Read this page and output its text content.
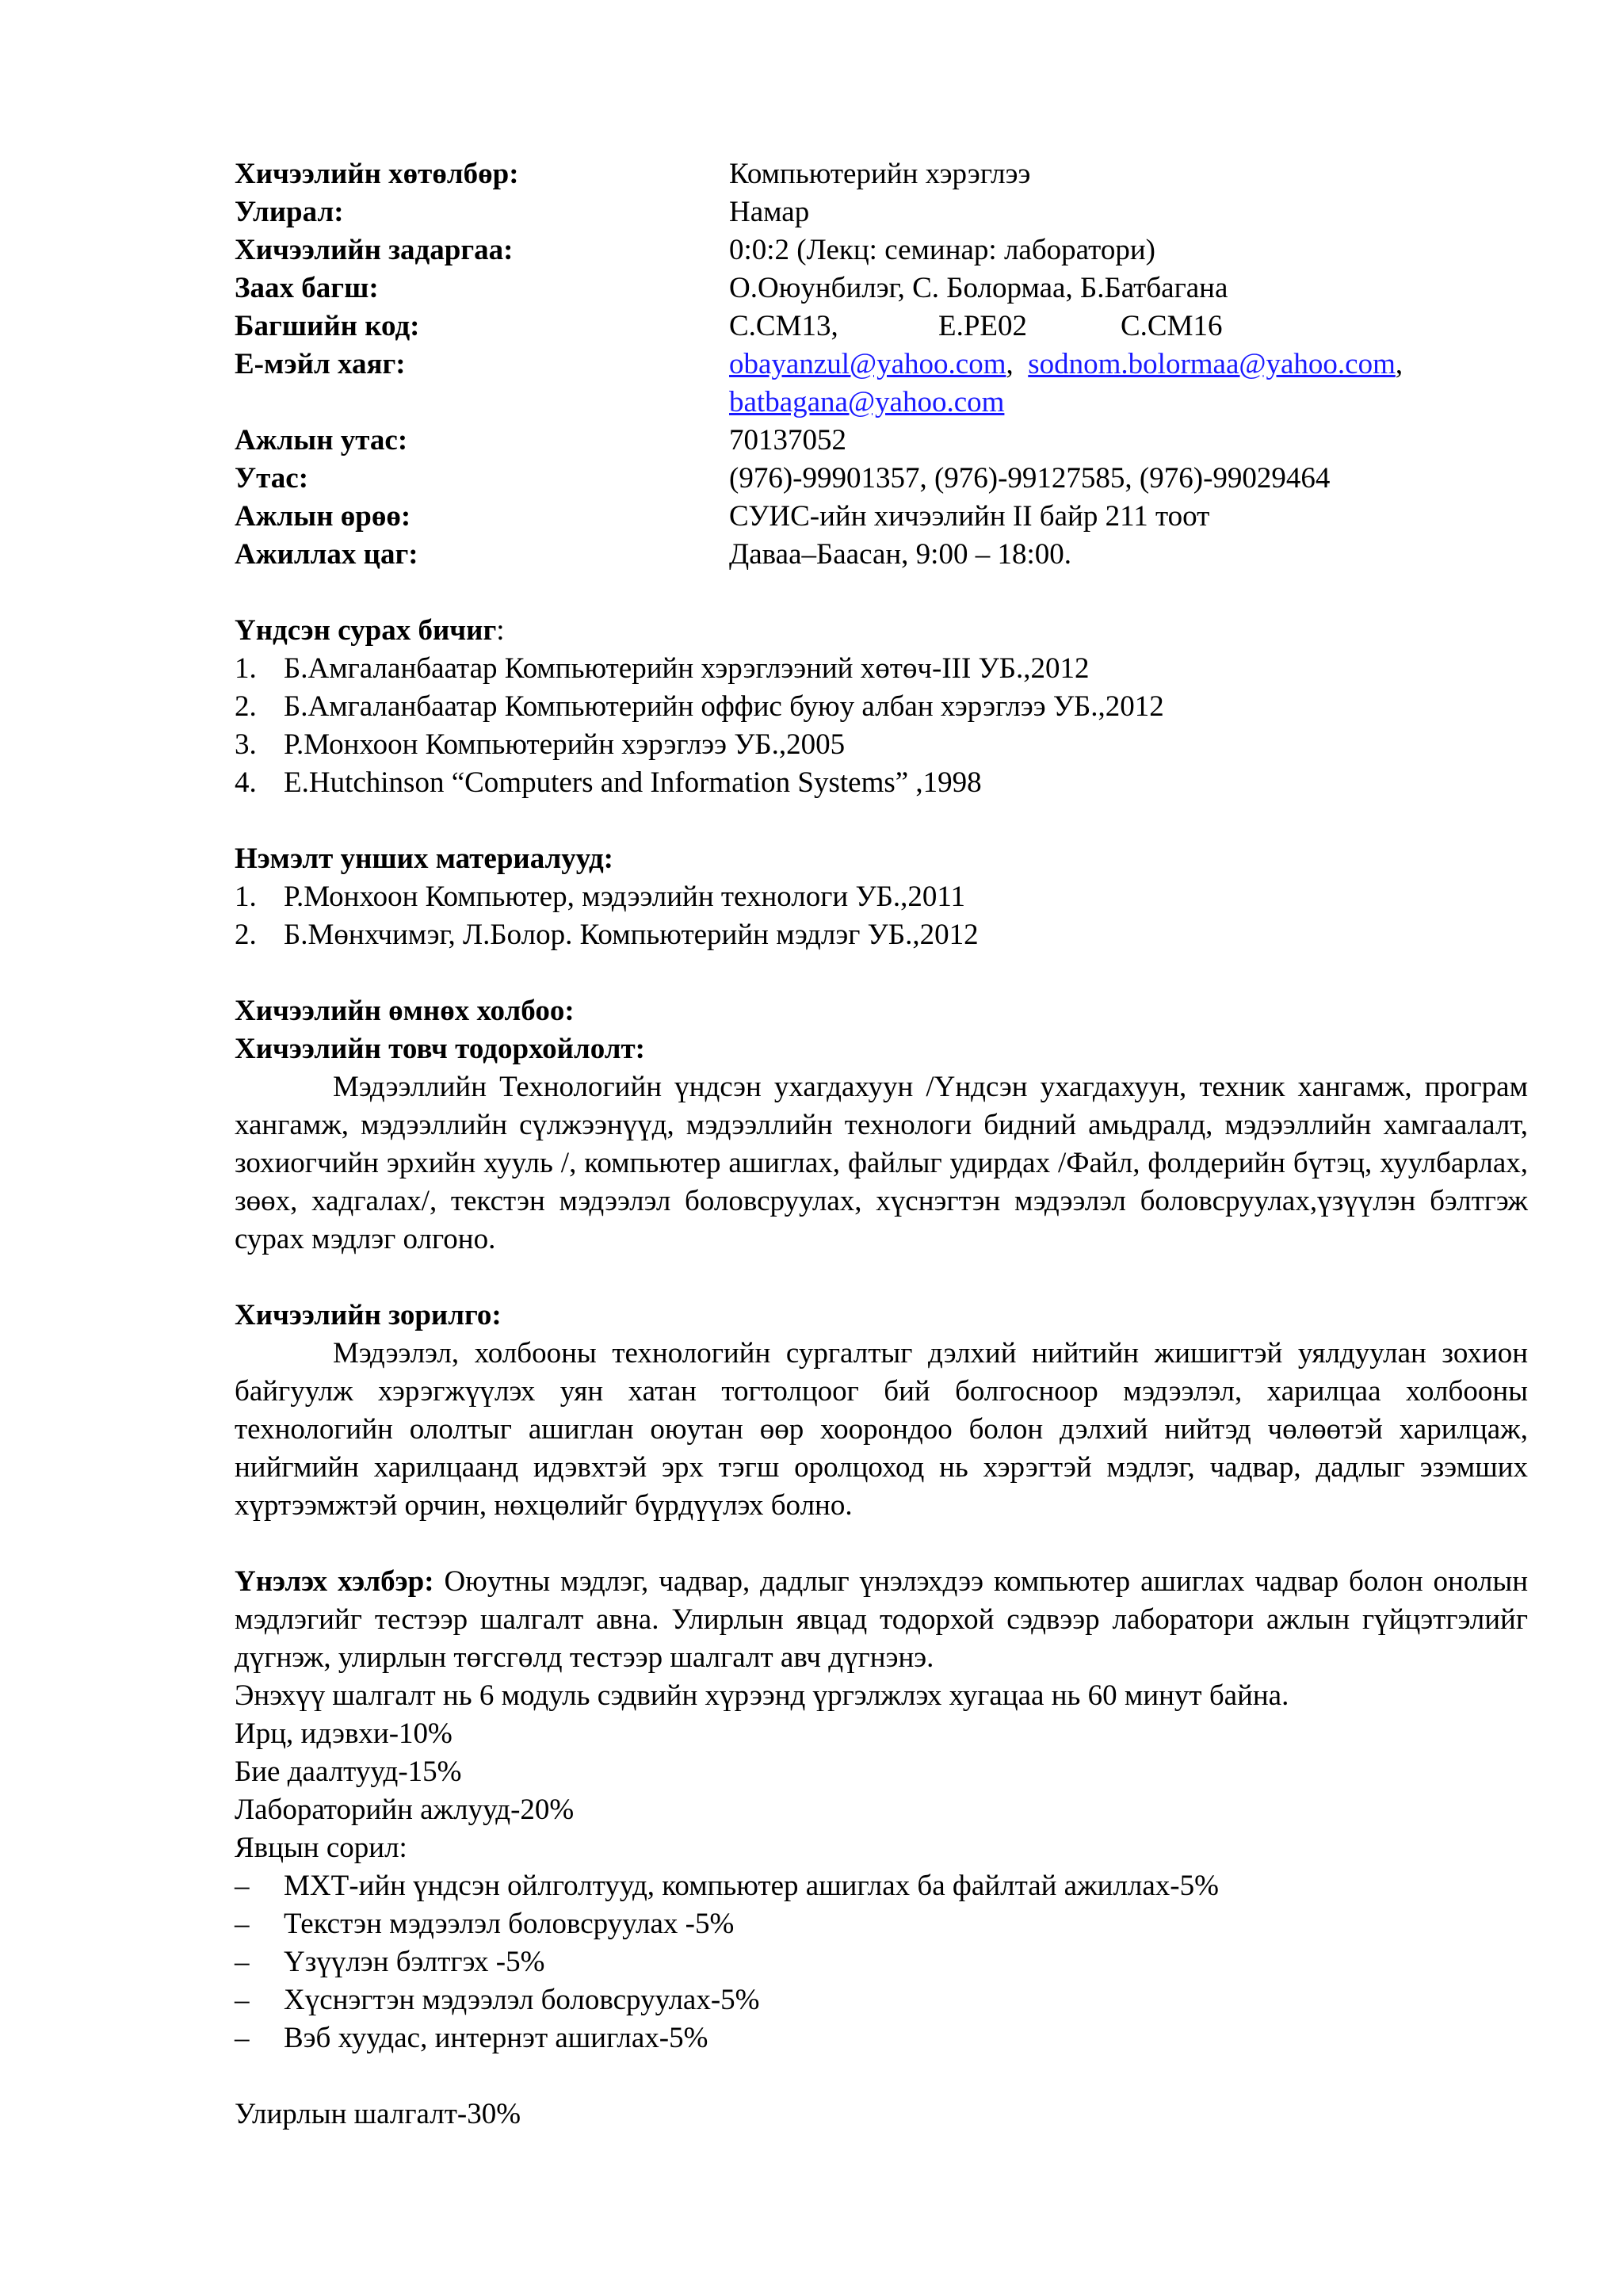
Хичээлийн хөтөлбөр:	Компьютерийн хэрэглээ
Улирал:	Намар
Хичээлийн задаргаа:	0:0:2 (Лекц: семинар: лаборатори)
Заах багш:	О.Оюунбилэг, С. Болормаа, Б.Батбагана
Багшийн код:	С.СМ13,	Е.РЕ02	С.СМ16
Е-мэйл хаяг:	obayanzul@yahoo.com,  sodnom.bolormaa@yahoo.com,
batbagana@yahoo.com
Ажлын утас:	70137052
Утас:	(976)-99901357, (976)-99127585, (976)-99029464
Ажлын өрөө:	СУИС-ийн хичээлийн II байр 211 тоот
Ажиллах цаг:	Даваа–Баасан, 9:00 – 18:00.
Үндсэн сурах бичиг:
1. Б.Амгаланбаатар Компьютерийн хэрэглээний хөтөч-III УБ.,2012
2. Б.Амгаланбаатар Компьютерийн оффис буюу албан хэрэглээ УБ.,2012
3. Р.Монхоон Компьютерийн хэрэглээ УБ.,2005
4. E.Hutchinson “Computers and Information Systems” ,1998
Нэмэлт унших материалууд:
1. Р.Монхоон Компьютер, мэдээлийн технологи УБ.,2011
2. Б.Мөнхчимэг, Л.Болор. Компьютерийн мэдлэг УБ.,2012
Хичээлийн өмнөх холбоо:
Хичээлийн товч тодорхойлолт:

Мэдээллийн Технологийн үндсэн ухагдахуун /Үндсэн ухагдахуун, техник хангамж, програм хангамж, мэдээллийн сүлжээнүүд, мэдээллийн технологи бидний амьдралд, мэдээллийн хамгаалалт, зохиогчийн эрхийн хууль /, компьютер ашиглах, файлыг удирдах /Файл, фолдерийн бүтэц, хуулбарлах, зөөх, хадгалах/, текстэн мэдээлэл боловсруулах, хүснэгтэн мэдээлэл боловсруулах,үзүүлэн бэлтгэж сурах мэдлэг олгоно.

Хичээлийн зорилго:

Мэдээлэл, холбооны технологийн сургалтыг дэлхий нийтийн жишигтэй уялдуулан зохион байгуулж хэрэгжүүлэх уян хатан тогтолцоог бий болгосноор мэдээлэл, харилцаа холбооны технологийн ололтыг ашиглан оюутан өөр хоорондоо болон дэлхий нийтэд чөлөөтэй харилцаж, нийгмийн харилцаанд идэвхтэй эрх тэгш оролцоход нь хэрэгтэй мэдлэг, чадвар, дадлыг эзэмших хүртээмжтэй орчин, нөхцөлийг бүрдүүлэх болно.

Үнэлэх хэлбэр: Оюутны мэдлэг, чадвар, дадлыг үнэлэхдээ компьютер ашиглах чадвар болон онолын мэдлэгийг тестээр шалгалт авна. Улирлын явцад тодорхой сэдвээр лаборатори ажлын гүйцэтгэлийг дүгнэж, улирлын төгсгөлд тестээр шалгалт авч дүгнэнэ.

Энэхүү шалгалт нь 6 модуль сэдвийн хүрээнд үргэлжлэх хугацаа нь 60 минут байна.
Ирц, идэвхи-10%
Бие даалтууд-15%
Лабораторийн ажлууд-20%
Явцын сорил:
–	МХТ-ийн үндсэн ойлголтууд, компьютер ашиглах ба файлтай ажиллах-5%
–	Текстэн мэдээлэл боловсруулах -5%
–	Үзүүлэн бэлтгэх -5%
–	Хүснэгтэн мэдээлэл боловсруулах-5%
–	Вэб хуудас, интернэт ашиглах-5%
Улирлын шалгалт-30%
